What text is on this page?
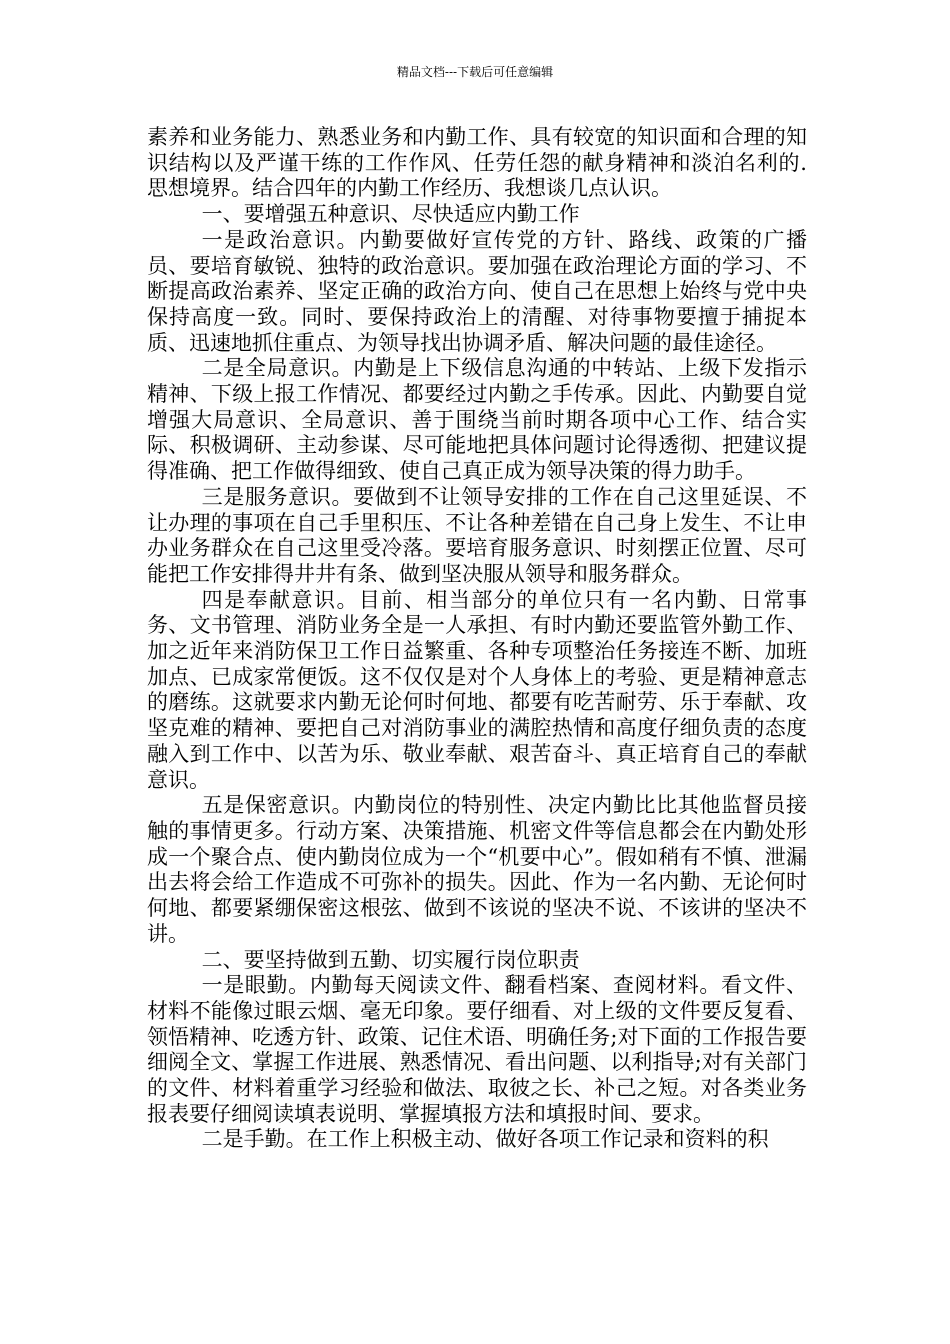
精品文档---下载后可任意编辑

素养和业务能力、熟悉业务和内勤工作、具有较宽的知识面和合理的知识结构以及严谨干练的工作作风、任劳任怨的献身精神和淡泊名利的. 思想境界。结合四年的内勤工作经历、我想谈几点认识。

一、要增强五种意识、尽快适应内勤工作

一是政治意识。内勤要做好宣传党的方针、路线、政策的广播员、要培育敏锐、独特的政治意识。要加强在政治理论方面的学习、不断提高政治素养、坚定正确的政治方向、使自己在思想上始终与党中央保持高度一致。同时、要保持政治上的清醒、对待事物要擅于捕捉本质、迅速地抓住重点、为领导找出协调矛盾、解决问题的最佳途径。

二是全局意识。内勤是上下级信息沟通的中转站、上级下发指示精神、下级上报工作情况、都要经过内勤之手传承。因此、内勤要自觉增强大局意识、全局意识、善于围绕当前时期各项中心工作、结合实际、积极调研、主动参谋、尽可能地把具体问题讨论得透彻、把建议提得准确、把工作做得细致、使自己真正成为领导决策的得力助手。

三是服务意识。要做到不让领导安排的工作在自己这里延误、不让办理的事项在自己手里积压、不让各种差错在自己身上发生、不让申办业务群众在自己这里受冷落。要培育服务意识、时刻摆正位置、尽可能把工作安排得井井有条、做到坚决服从领导和服务群众。

四是奉献意识。目前、相当部分的单位只有一名内勤、日常事务、文书管理、消防业务全是一人承担、有时内勤还要监管外勤工作、加之近年来消防保卫工作日益繁重、各种专项整治任务接连不断、加班加点、已成家常便饭。这不仅仅是对个人身体上的考验、更是精神意志的磨练。这就要求内勤无论何时何地、都要有吃苦耐劳、乐于奉献、攻坚克难的精神、要把自己对消防事业的满腔热情和高度仔细负责的态度融入到工作中、以苦为乐、敬业奉献、艰苦奋斗、真正培育自己的奉献意识。

五是保密意识。内勤岗位的特别性、决定内勤比比其他监督员接触的事情更多。行动方案、决策措施、机密文件等信息都会在内勤处形成一个聚合点、使内勤岗位成为一个“机要中心”。假如稍有不慎、泄漏出去将会给工作造成不可弥补的损失。因此、作为一名内勤、无论何时何地、都要紧绷保密这根弦、做到不该说的坚决不说、不该讲的坚决不讲。

二、要坚持做到五勤、切实履行岗位职责

一是眼勤。内勤每天阅读文件、翻看档案、查阅材料。看文件、材料不能像过眼云烟、毫无印象。要仔细看、对上级的文件要反复看、领悟精神、吃透方针、政策、记住术语、明确任务;对下面的工作报告要细阅全文、掌握工作进展、熟悉情况、看出问题、以利指导;对有关部门的文件、材料着重学习经验和做法、取彼之长、补己之短。对各类业务报表要仔细阅读填表说明、掌握填报方法和填报时间、要求。

二是手勤。在工作上积极主动、做好各项工作记录和资料的积
